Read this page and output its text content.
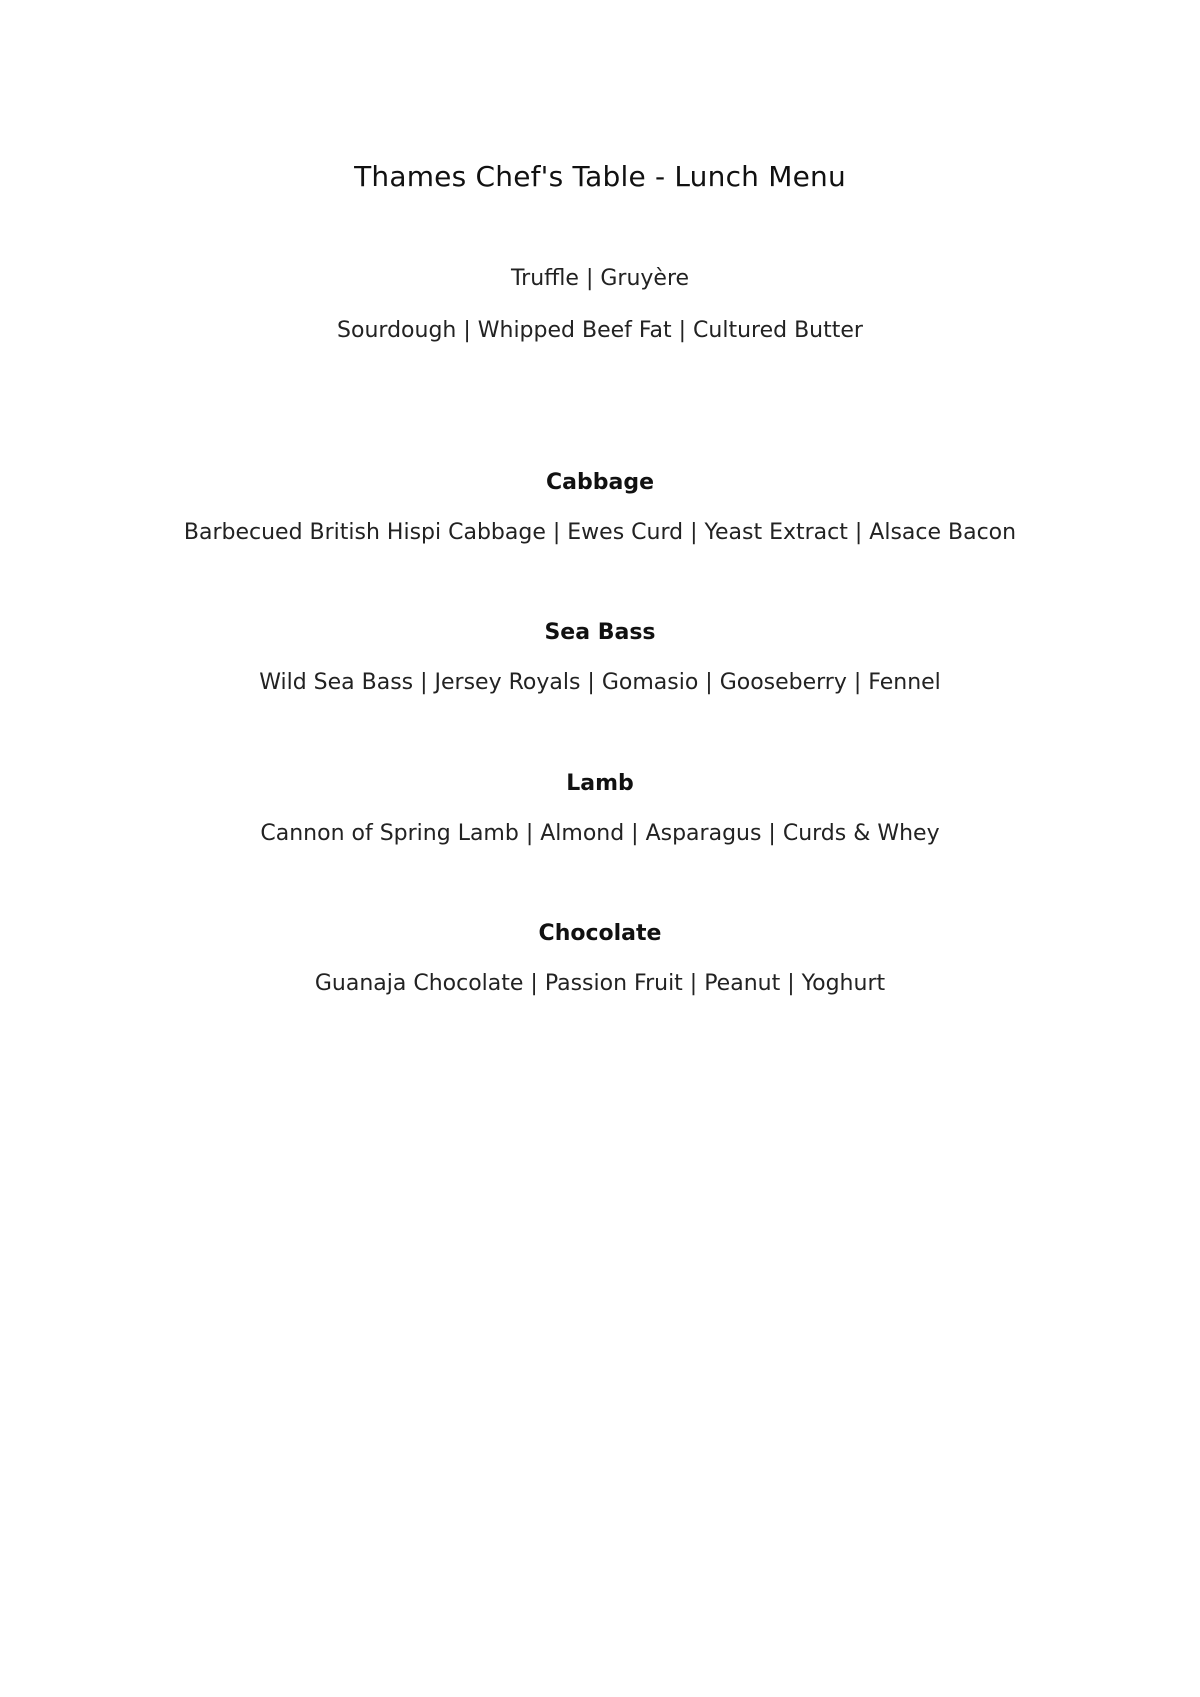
Thames Chef's Table - Lunch Menu
Truffle | Gruyère
Sourdough | Whipped Beef Fat | Cultured Butter
Cabbage
Barbecued British Hispi Cabbage | Ewes Curd | Yeast Extract | Alsace Bacon
Sea Bass
Wild Sea Bass | Jersey Royals | Gomasio | Gooseberry | Fennel
Lamb
Cannon of Spring Lamb | Almond | Asparagus | Curds & Whey
Chocolate
Guanaja Chocolate | Passion Fruit | Peanut | Yoghurt
